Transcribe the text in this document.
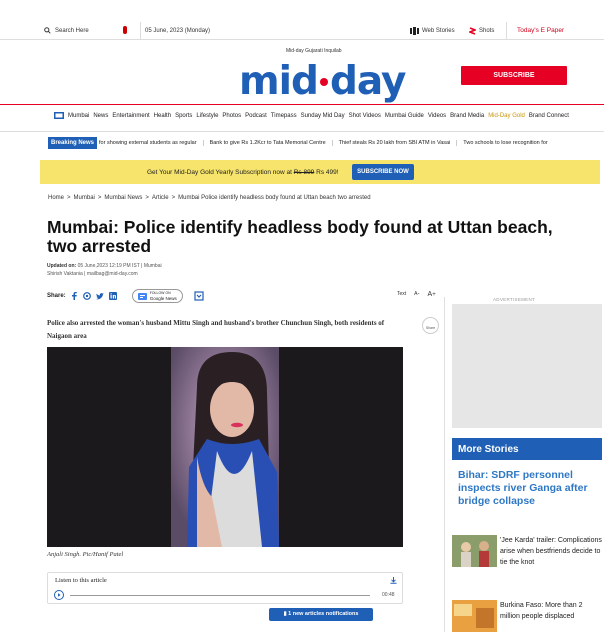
Search Here	05 June, 2023 (Monday)	Web Stories	Shots	Today's E Paper
Mid-day Gujarati Inquilab
mid day	SUBSCRIBE
Mumbai News Entertainment Health Sports Lifestyle Photos Podcast Timepass Sunday Mid Day Shot Videos Mumbai Guide Videos Brand Media Mid-Day Gold Brand Connect
Breaking News for showing external students as regular	Bank to give Rs 1.2Kcr to Tata Memorial Centre	Thief steals Rs 20 lakh from SBI ATM in Vasai	Two schools to lose recognition for
Get Your Mid-Day Gold Yearly Subscription now at Rs 899 Rs 499!	SUBSCRIBE NOW
Home > Mumbai > Mumbai News > Article > Mumbai Police identify headless body found at Uttan beach two arrested
Mumbai: Police identify headless body found at Uttan beach, two arrested
Updated on: 05 June,2023 12:19 PM IST | Mumbai
Shirish Vaktania | mailbag@mid-day.com
Share:	FOLLOW ON
Google News
Text A- A+
ADVERTISEMENT

Police also arrested the woman's husband Mittu Singh and husband's brother Chunchun Singh, both residents of Naigaon area

Share
Anjali Singh. Pic/Hanif Patel
Listen to this article
00:48
▮ 1 new articles notifications
More Stories
Bihar: SDRF personnel inspects river Ganga after bridge collapse
'Jee Karda' trailer: Complications arise when bestfriends decide to tie the knot
Burkina Faso: More than 2 million people displaced
